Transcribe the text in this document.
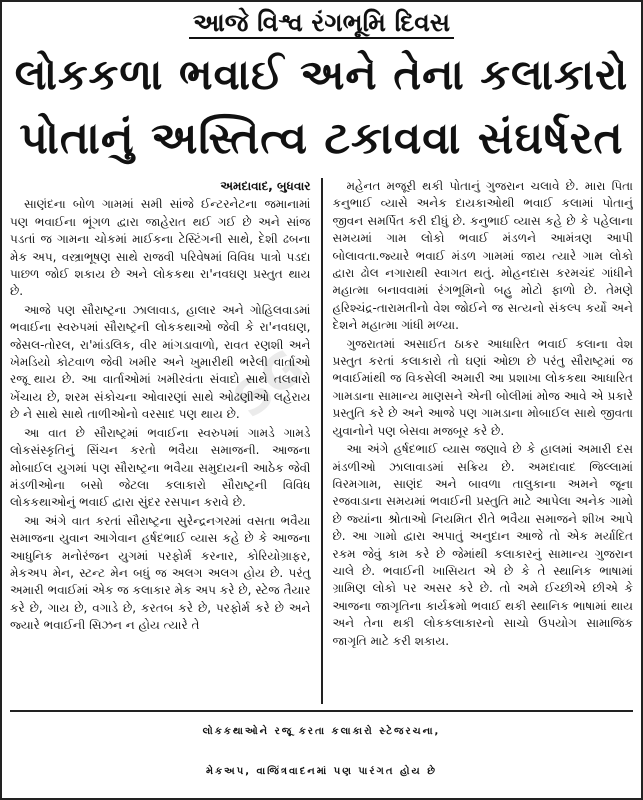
આજે વિશ્વ રંગભૂમિ દિવસ
લોકકળા ભવાઈ અને તેના કલાકારો
પોતાનું અસ્તિત્વ ટકાવવા સંઘર્ષરત

અમદાવાદ, બુધવાર

સાણંદના બોળ ગામમાં સમી સાંજે ઈન્ટરનેટના જમાનામાં પણ ભવાઈના ભૂંગળ દ્વારા જાહેરાત થઈ ગઈ છે અને સાંજ પડતાં જ ગામના ચોકમાં માઈકના ટેસ્ટિંગની સાથે, દેશી ઢબના મેક અપ, વસ્ત્રાભૂષણ સાથે રાજવી પરિવેષમાં વિવિધ પાત્રો પડદા પાછળ જોઈ શકાય છે અને લોકકથા રા'નવઘણ પ્રસ્તુત થાય છે.

આજે પણ સૌરાષ્ટ્રના ઝાલાવાડ, હાલાર અને ગોહિલવાડમાં ભવાઈના સ્વરુપમાં સૌરાષ્ટ્રની લોકકથાઓ જેવી કે રા'નવઘણ, જેસલ-તોરલ, રા'માંડલિક, વીર માંગડાવાળો, રાવત રણશી અને ખેમડિયો કોટવાળ જેવી ખમીર અને ખુમારીથી ભરેલી વાર્તાઓ રજૂ થાય છે. આ વાર્તાઓમાં ખમીરવંતા સંવાદો સાથે તલવારો ખેંચાય છે, શરમ સંકોચના ઓવારણાં સાથે ઓઢણીઓ લહેરાય છે ને સાથે સાથે તાળીઓનો વરસાદ પણ થાય છે.

આ વાત છે સૌરાષ્ટ્રમાં ભવાઈના સ્વરુપમાં ગામડે ગામડે લોકસંસ્કૃતિનું સિંચન કરતો ભવૈયા સમાજની. આજના મોબાઈલ યુગમાં પણ સૌરાષ્ટ્રના ભવૈયા સમુદાયની આઠેક જેવી મંડળીઓના બસો જેટલા કલાકારો સૌરાષ્ટ્રની વિવિધ લોકકથાઓનું ભવાઈ દ્વારા સુંદર રસપાન કરાવે છે.

આ અંગે વાત કરતાં સૌરાષ્ટ્રના સુરેન્દ્રનગરમાં વસતા ભવૈયા સમાજના યુવાન આગેવાન હર્ષદભાઈ વ્યાસ કહે છે કે આજના આધુનિક મનોરંજન યુગમાં પરફોર્મ કરનાર, કોરિયોગ્રાફર, મેકઅપ મેન, સ્ટન્ટ મેન બધું જ અલગ અલગ હોય છે. પરંતુ અમારી ભવાઈમાં એક જ કલાકાર મેક અપ કરે છે, સ્ટેજ તૈયાર કરે છે, ગાય છે, વગાડે છે, કરતબ કરે છે, પરફોર્મ કરે છે અને જ્યારે ભવાઈની સિઝન ન હોય ત્યારે તે

મહેનત મજૂરી થકી પોતાનું ગુજરાન ચલાવે છે. મારા પિતા કનુભાઈ વ્યાસે અનેક દાયકાઓથી ભવાઈ કલામાં પોતાનું જીવન સમર્પિત કરી દીધું છે. કનુભાઈ વ્યાસ કહે છે કે પહેલાના સમયમાં ગામ લોકો ભવાઈ મંડળને આમંત્રણ આપી બોલાવતા.જ્યારે ભવાઈ મંડળ ગામમાં જાય ત્યારે ગામ લોકો દ્વારા ઢોલ નગારાથી સ્વાગત થતું. મોહનદાસ કરમચંદ ગાંધીને મહાત્મા બનાવવામાં રંગભૂમિનો બહુ મોટો ફાળો છે. તેમણે હરિશ્ચંદ્ર-તારામતીનો વેશ જોઈને જ સત્યનો સંકલ્પ કર્યો અને દેશને મહાત્મા ગાંધી મળ્યા.

ગુજરાતમાં અસાઈત ઠાકર આધારિત ભવાઈ કલાના વેશ પ્રસ્તુત કરતાં કલાકારો તો ઘણાં ઓછા છે પરંતુ સૌરાષ્ટ્રમાં જ ભવાઈમાંથી જ વિકસેલી અમારી આ પ્રશાખા લોકકથા આધારિત ગામડાના સામાન્ય માણસને એની બોલીમાં મોજ આવે એ પ્રકારે પ્રસ્તુતિ કરે છે અને આજે પણ ગામડાના મોબાઈલ સાથે જીવતા યુવાનોને પણ બેસવા મજબૂર કરે છે.

આ અંગે હર્ષદભાઈ વ્યાસ જણાવે છે કે હાલમાં અમારી દસ મંડળીઓ ઝાલાવાડમાં સક્રિય છે. અમદાવાદ જિલ્લામાં વિરમગામ, સાણંદ અને બાવળા તાલુકાના અમને જૂના રજવાડાના સમયમાં ભવાઈની પ્રસ્તુતિ માટે આપેલા અનેક ગામો છે જ્યાંના શ્રોતાઓ નિયમિત રીતે ભવૈયા સમાજને શીખ આપે છે. આ ગામો દ્વારા અપાતું અનુદાન આજે તો એક મર્યાદિત રકમ જેવું કામ કરે છે જેમાંથી કલાકારનું સામાન્ય ગુજરાન ચાલે છે. ભવાઈની ખાસિયત એ છે કે તે સ્થાનિક ભાષામાં ગ્રામિણ લોકો પર અસર કરે છે. તો અમે ઈચ્છીએ છીએ કે આજના જાગૃતિના કાર્યક્રમો ભવાઈ થકી સ્થાનિક ભાષામાં થાય અને તેના થકી લોકકલાકારનો સાચો ઉપયોગ સામાજિક જાગૃતિ માટે કરી શકાય.

SG
લોકકથાઓને રજૂ કરતા કલાકારો સ્ટેજરચના,
મેકઅપ, વાજિંત્રવાદનમાં પણ પારંગત હોય છે
